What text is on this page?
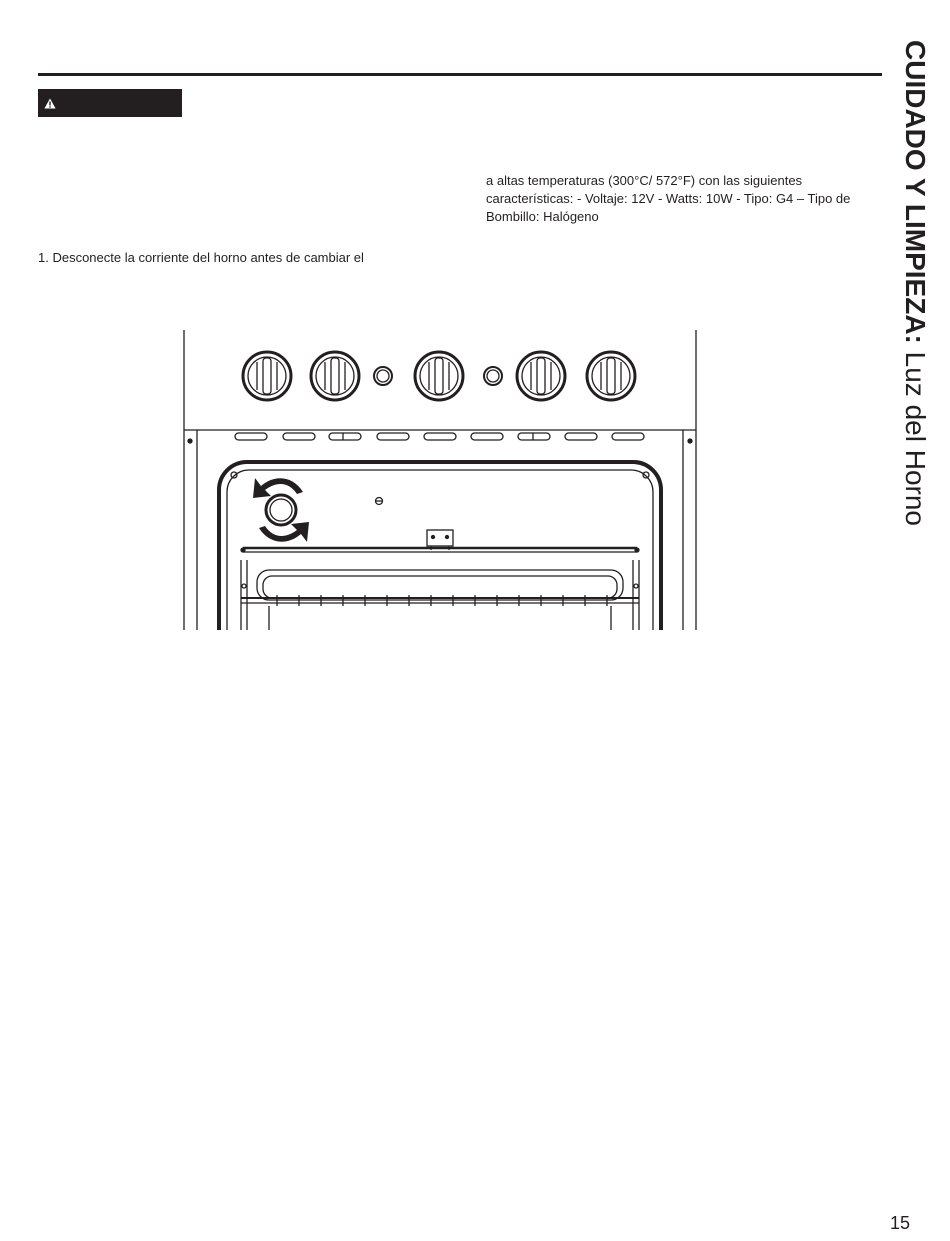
a altas temperaturas (300°C/ 572°F) con las siguientes características: - Voltaje: 12V - Watts: 10W - Tipo: G4 – Tipo de Bombillo: Halógeno
1. Desconecte la corriente del horno antes de cambiar el	CUIDADO Y LIMPIEZA: Luz del Horno
15
